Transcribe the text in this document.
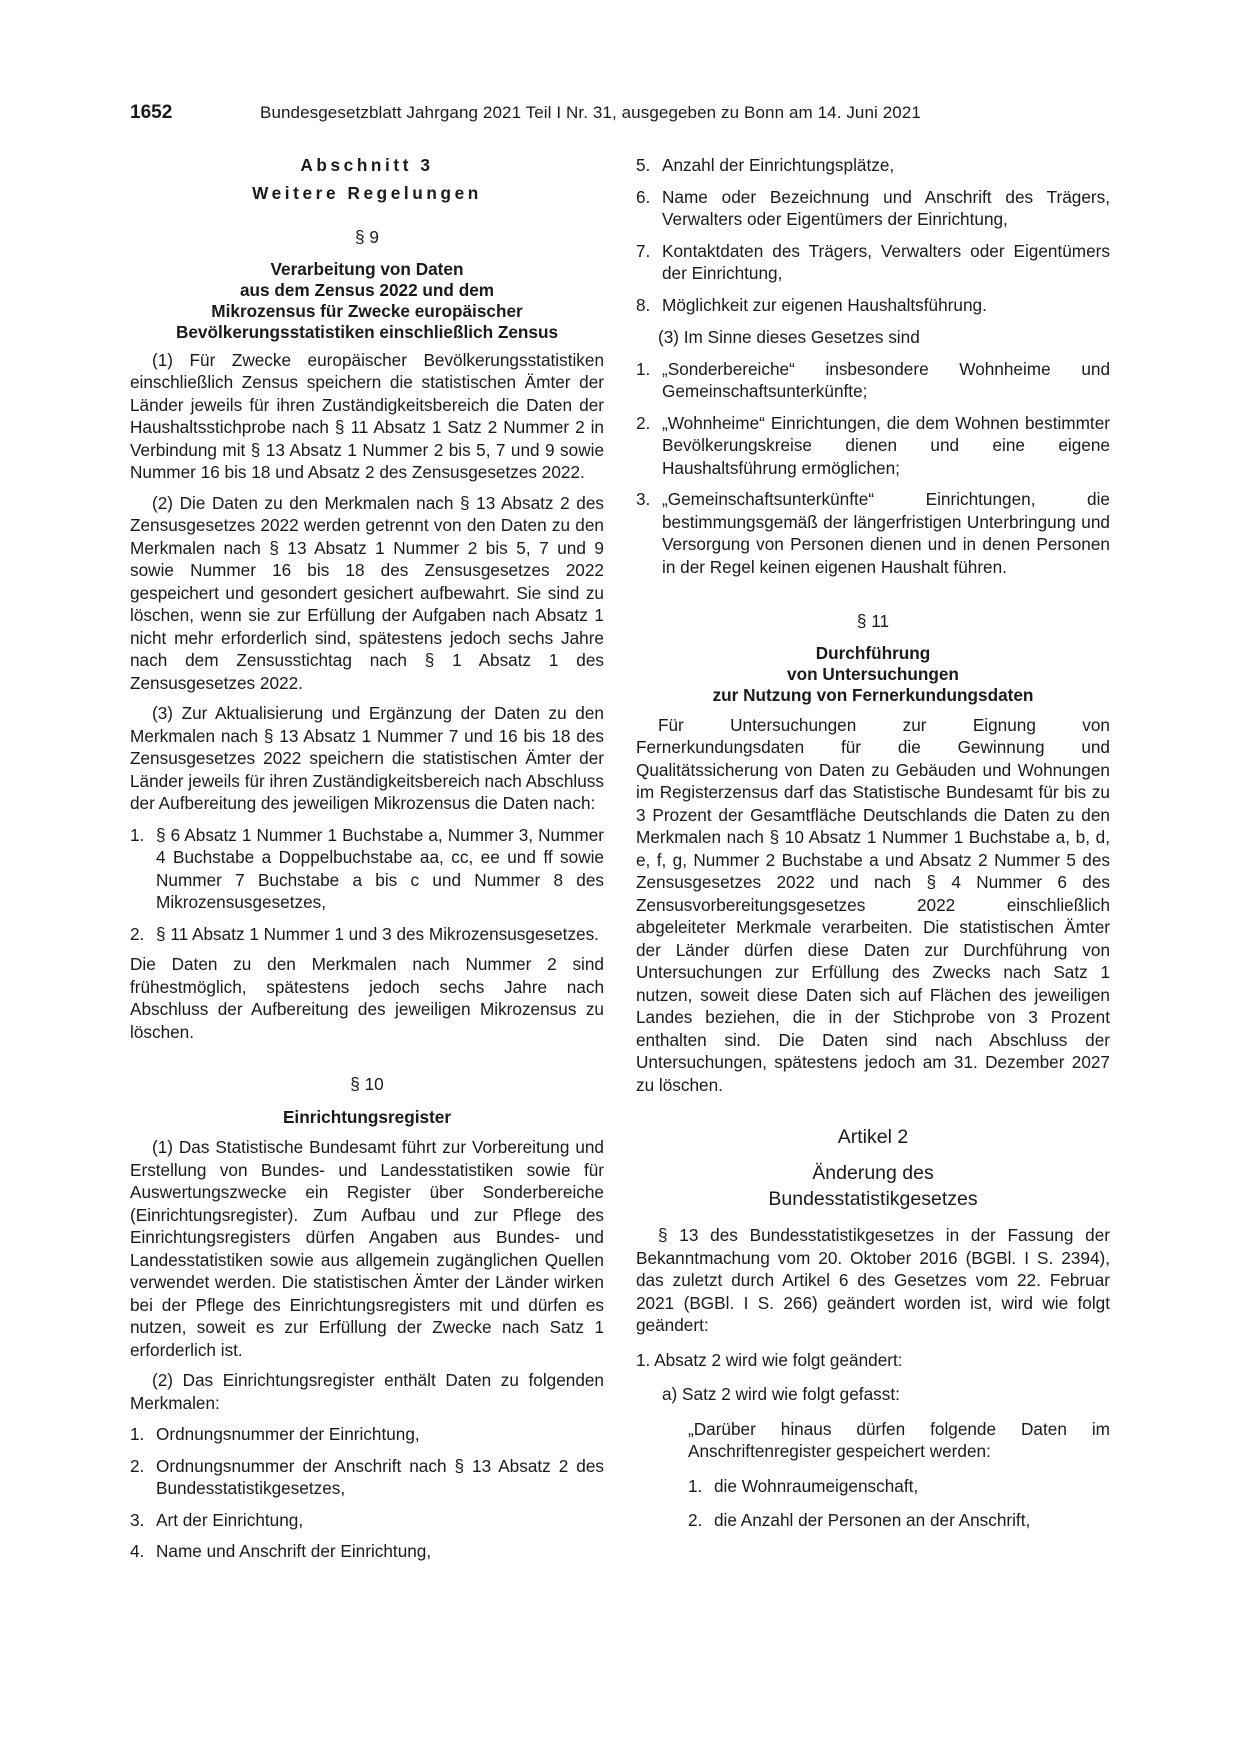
1652	Bundesgesetzblatt Jahrgang 2021 Teil I Nr. 31, ausgegeben zu Bonn am 14. Juni 2021
Abschnitt 3
Weitere Regelungen
§ 9
Verarbeitung von Daten
aus dem Zensus 2022 und dem
Mikrozensus für Zwecke europäischer
Bevölkerungsstatistiken einschließlich Zensus

(1) Für Zwecke europäischer Bevölkerungsstatistiken einschließlich Zensus speichern die statistischen Ämter der Länder jeweils für ihren Zuständigkeitsbereich die Daten der Haushaltsstichprobe nach § 11 Absatz 1 Satz 2 Nummer 2 in Verbindung mit § 13 Absatz 1 Nummer 2 bis 5, 7 und 9 sowie Nummer 16 bis 18 und Absatz 2 des Zensusgesetzes 2022.

(2) Die Daten zu den Merkmalen nach § 13 Absatz 2 des Zensusgesetzes 2022 werden getrennt von den Daten zu den Merkmalen nach § 13 Absatz 1 Nummer 2 bis 5, 7 und 9 sowie Nummer 16 bis 18 des Zensusgesetzes 2022 gespeichert und gesondert gesichert aufbewahrt. Sie sind zu löschen, wenn sie zur Erfüllung der Aufgaben nach Absatz 1 nicht mehr erforderlich sind, spätestens jedoch sechs Jahre nach dem Zensusstichtag nach § 1 Absatz 1 des Zensusgesetzes 2022.

(3) Zur Aktualisierung und Ergänzung der Daten zu den Merkmalen nach § 13 Absatz 1 Nummer 7 und 16 bis 18 des Zensusgesetzes 2022 speichern die statistischen Ämter der Länder jeweils für ihren Zuständigkeitsbereich nach Abschluss der Aufbereitung des jeweiligen Mikrozensus die Daten nach:

1. § 6 Absatz 1 Nummer 1 Buchstabe a, Nummer 3, Nummer 4 Buchstabe a Doppelbuchstabe aa, cc, ee und ff sowie Nummer 7 Buchstabe a bis c und Nummer 8 des Mikrozensusgesetzes,
2. § 11 Absatz 1 Nummer 1 und 3 des Mikrozensusgesetzes.

Die Daten zu den Merkmalen nach Nummer 2 sind frühestmöglich, spätestens jedoch sechs Jahre nach Abschluss der Aufbereitung des jeweiligen Mikrozensus zu löschen.

§ 10
Einrichtungsregister

(1) Das Statistische Bundesamt führt zur Vorbereitung und Erstellung von Bundes- und Landesstatistiken sowie für Auswertungszwecke ein Register über Sonderbereiche (Einrichtungsregister). Zum Aufbau und zur Pflege des Einrichtungsregisters dürfen Angaben aus Bundes- und Landesstatistiken sowie aus allgemein zugänglichen Quellen verwendet werden. Die statistischen Ämter der Länder wirken bei der Pflege des Einrichtungsregisters mit und dürfen es nutzen, soweit es zur Erfüllung der Zwecke nach Satz 1 erforderlich ist.

(2) Das Einrichtungsregister enthält Daten zu folgenden Merkmalen:

1. Ordnungsnummer der Einrichtung,
2. Ordnungsnummer der Anschrift nach § 13 Absatz 2 des Bundesstatistikgesetzes,
3. Art der Einrichtung,
4. Name und Anschrift der Einrichtung,
5. Anzahl der Einrichtungsplätze,
6. Name oder Bezeichnung und Anschrift des Trägers, Verwalters oder Eigentümers der Einrichtung,
7. Kontaktdaten des Trägers, Verwalters oder Eigentümers der Einrichtung,
8. Möglichkeit zur eigenen Haushaltsführung.

(3) Im Sinne dieses Gesetzes sind

1. „Sonderbereiche“ insbesondere Wohnheime und Gemeinschaftsunterkünfte;
2. „Wohnheime“ Einrichtungen, die dem Wohnen bestimmter Bevölkerungskreise dienen und eine eigene Haushaltsführung ermöglichen;
3. „Gemeinschaftsunterkünfte“ Einrichtungen, die bestimmungsgemäß der längerfristigen Unterbringung und Versorgung von Personen dienen und in denen Personen in der Regel keinen eigenen Haushalt führen.
§ 11
Durchführung
von Untersuchungen
zur Nutzung von Fernerkundungsdaten

Für Untersuchungen zur Eignung von Fernerkundungsdaten für die Gewinnung und Qualitätssicherung von Daten zu Gebäuden und Wohnungen im Registerzensus darf das Statistische Bundesamt für bis zu 3 Prozent der Gesamtfläche Deutschlands die Daten zu den Merkmalen nach § 10 Absatz 1 Nummer 1 Buchstabe a, b, d, e, f, g, Nummer 2 Buchstabe a und Absatz 2 Nummer 5 des Zensusgesetzes 2022 und nach § 4 Nummer 6 des Zensusvorbereitungsgesetzes 2022 einschließlich abgeleiteter Merkmale verarbeiten. Die statistischen Ämter der Länder dürfen diese Daten zur Durchführung von Untersuchungen zur Erfüllung des Zwecks nach Satz 1 nutzen, soweit diese Daten sich auf Flächen des jeweiligen Landes beziehen, die in der Stichprobe von 3 Prozent enthalten sind. Die Daten sind nach Abschluss der Untersuchungen, spätestens jedoch am 31. Dezember 2027 zu löschen.

Artikel 2
Änderung des
Bundesstatistikgesetzes

§ 13 des Bundesstatistikgesetzes in der Fassung der Bekanntmachung vom 20. Oktober 2016 (BGBl. I S. 2394), das zuletzt durch Artikel 6 des Gesetzes vom 22. Februar 2021 (BGBl. I S. 266) geändert worden ist, wird wie folgt geändert:

1. Absatz 2 wird wie folgt geändert:
a) Satz 2 wird wie folgt gefasst:

„Darüber hinaus dürfen folgende Daten im Anschriftenregister gespeichert werden:

1. die Wohnraumeigenschaft,
2. die Anzahl der Personen an der Anschrift,
